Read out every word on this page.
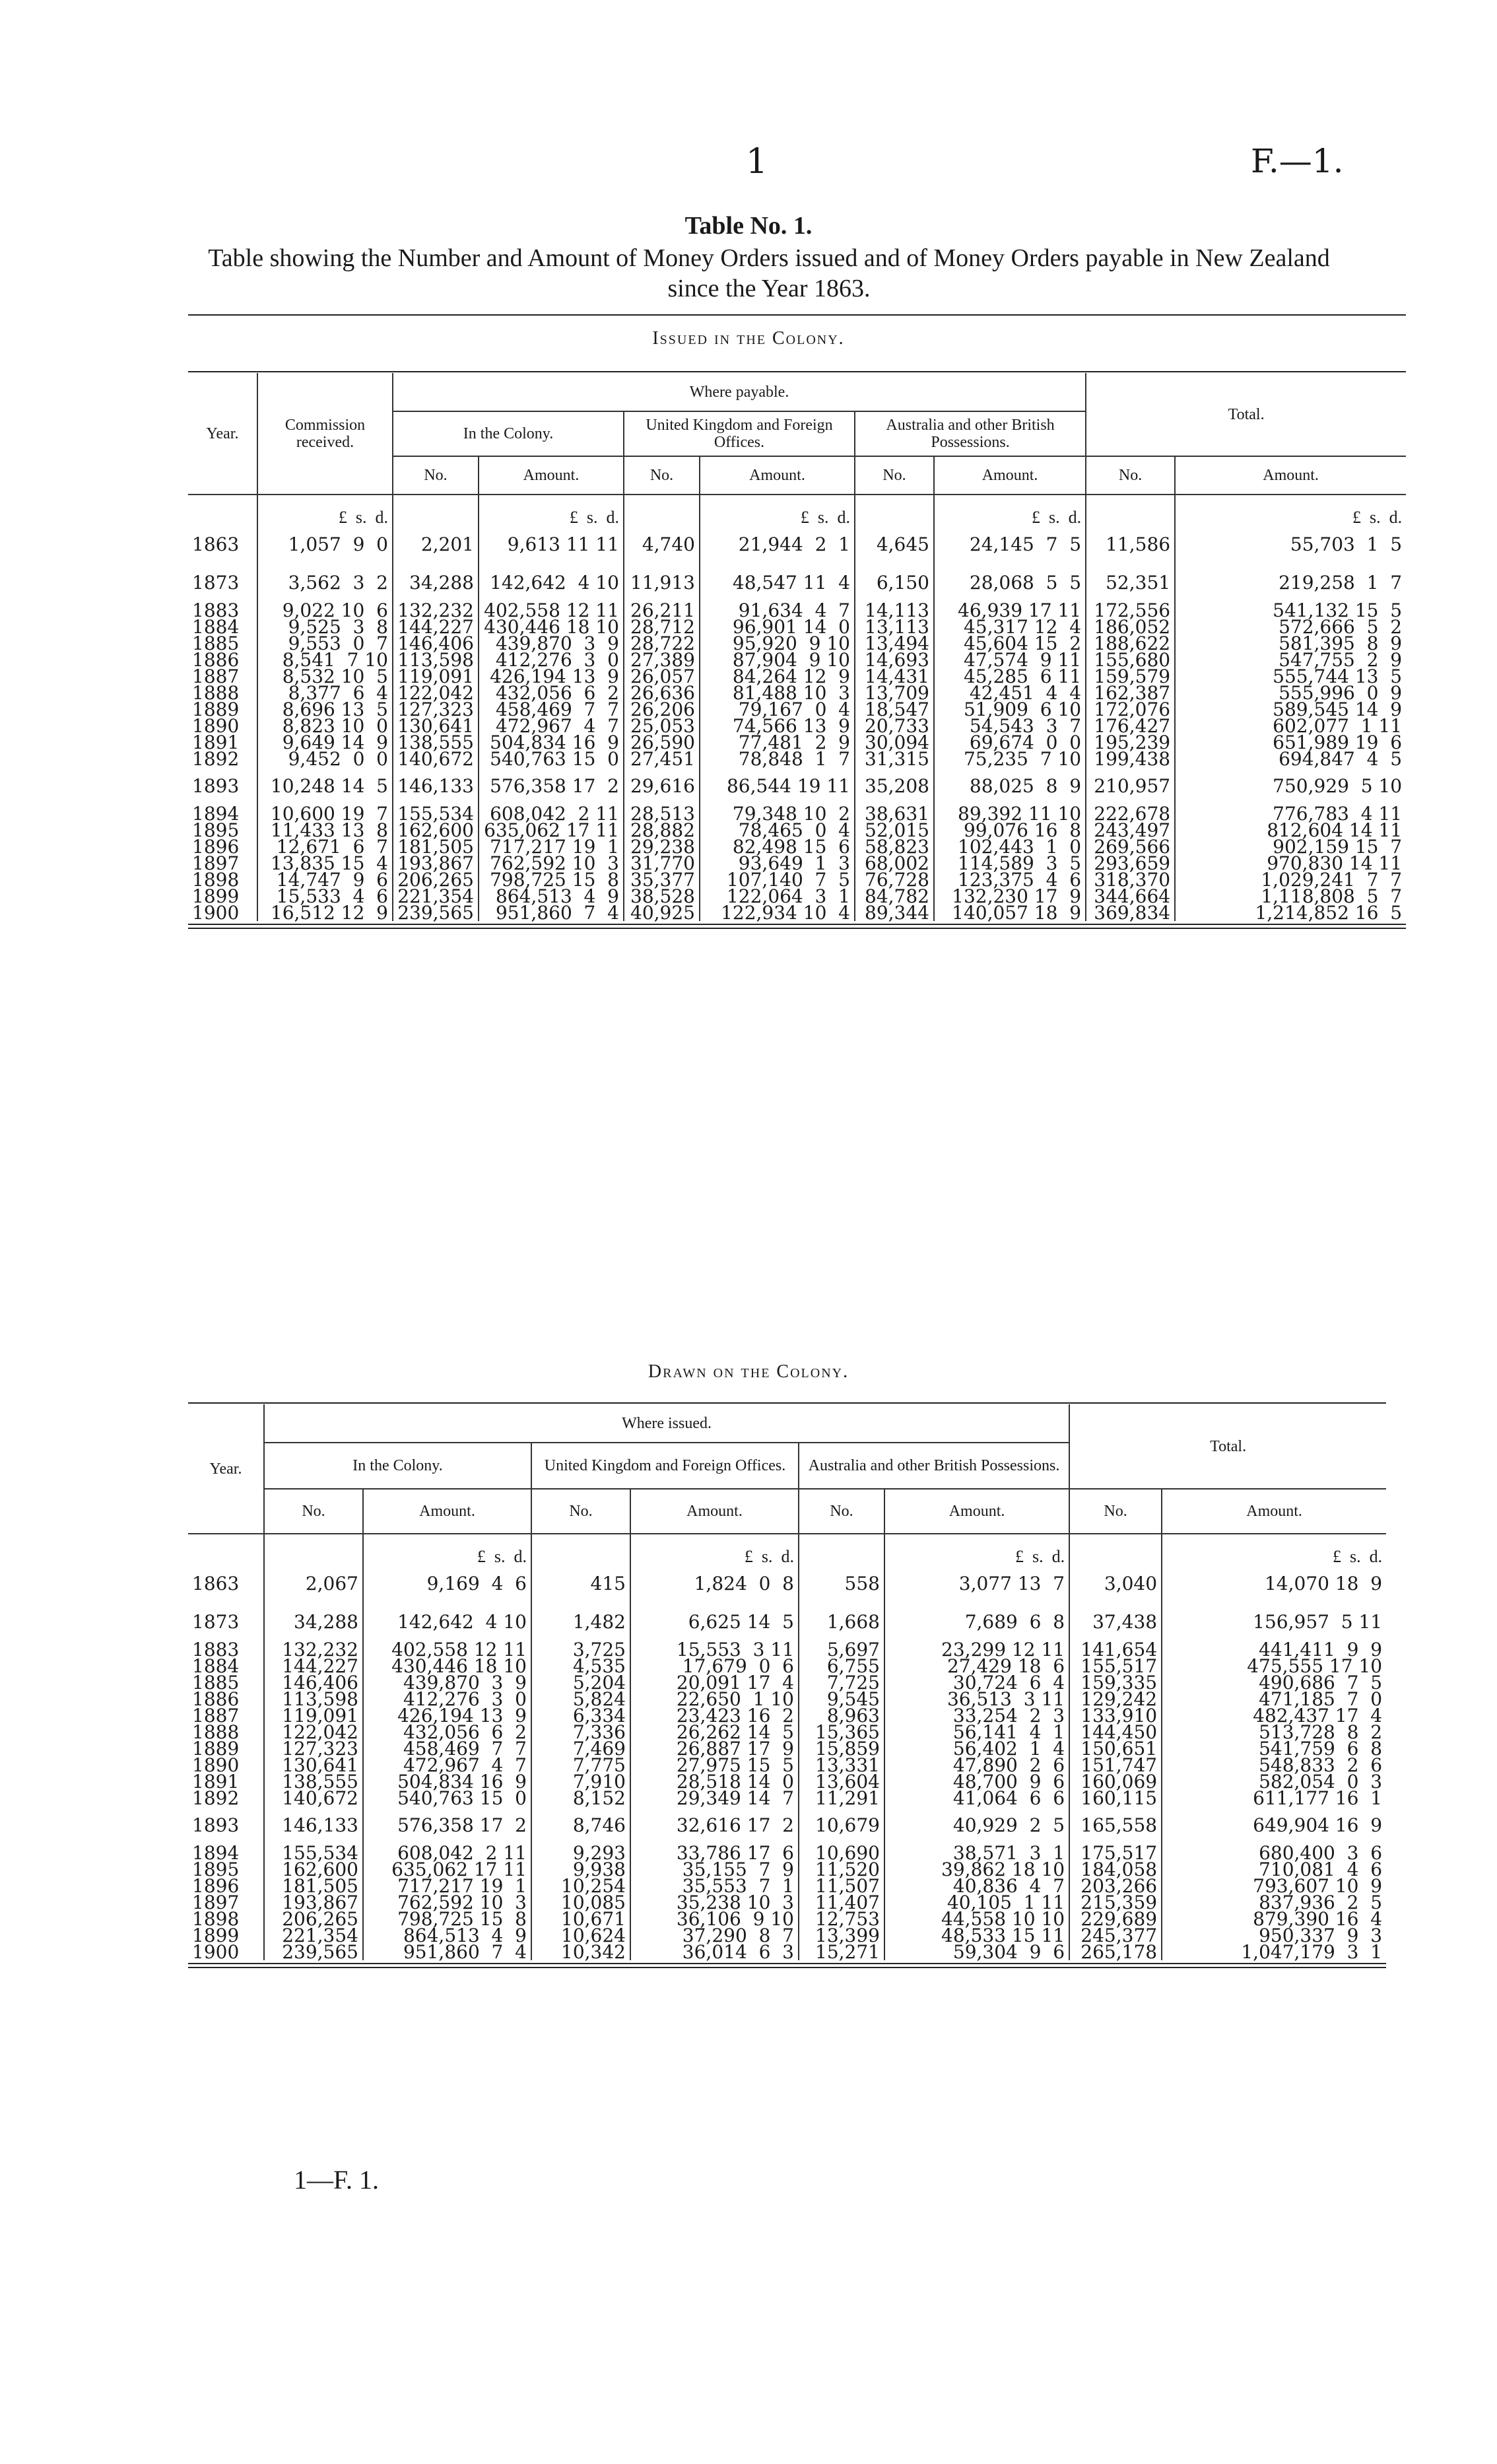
1	F.—1.
Table No. 1.
Table showing the Number and Amount of Money Orders issued and of Money Orders payable in New Zealand since the Year 1863.
Issued in the Colony.
Year.	Commission received.	Where payable.						Total.	
		In the Colony.		United Kingdom and Foreign Offices.		Australia and other British Possessions.			
		No.	Amount.	No.	Amount.	No.	Amount.	No.	Amount.
	£ s. d.		£ s. d.		£ s. d.		£ s. d.		£ s. d.
1863	1,057  9  0	2,201	9,613 11 11	4,740	21,944  2  1	4,645	24,145  7  5	11,586	55,703  1  5
1873	3,562  3  2	34,288	142,642  4 10	11,913	48,547 11  4	6,150	28,068  5  5	52,351	219,258  1  7
1883	9,022 10  6	132,232	402,558 12 11	26,211	91,634  4  7	14,113	46,939 17 11	172,556	541,132 15  5
1884	9,525  3  8	144,227	430,446 18 10	28,712	96,901 14  0	13,113	45,317 12  4	186,052	572,666  5  2
1885	9,553  0  7	146,406	439,870  3  9	28,722	95,920  9 10	13,494	45,604 15  2	188,622	581,395  8  9
1886	8,541  7 10	113,598	412,276  3  0	27,389	87,904  9 10	14,693	47,574  9 11	155,680	547,755  2  9
1887	8,532 10  5	119,091	426,194 13  9	26,057	84,264 12  9	14,431	45,285  6 11	159,579	555,744 13  5
1888	8,377  6  4	122,042	432,056  6  2	26,636	81,488 10  3	13,709	42,451  4  4	162,387	555,996  0  9
1889	8,696 13  5	127,323	458,469  7  7	26,206	79,167  0  4	18,547	51,909  6 10	172,076	589,545 14  9
1890	8,823 10  0	130,641	472,967  4  7	25,053	74,566 13  9	20,733	54,543  3  7	176,427	602,077  1 11
1891	9,649 14  9	138,555	504,834 16  9	26,590	77,481  2  9	30,094	69,674  0  0	195,239	651,989 19  6
1892	9,452  0  0	140,672	540,763 15  0	27,451	78,848  1  7	31,315	75,235  7 10	199,438	694,847  4  5
1893	10,248 14  5	146,133	576,358 17  2	29,616	86,544 19 11	35,208	88,025  8  9	210,957	750,929  5 10
1894	10,600 19  7	155,534	608,042  2 11	28,513	79,348 10  2	38,631	89,392 11 10	222,678	776,783  4 11
1895	11,433 13  8	162,600	635,062 17 11	28,882	78,465  0  4	52,015	99,076 16  8	243,497	812,604 14 11
1896	12,671  6  7	181,505	717,217 19  1	29,238	82,498 15  6	58,823	102,443  1  0	269,566	902,159 15  7
1897	13,835 15  4	193,867	762,592 10  3	31,770	93,649  1  3	68,002	114,589  3  5	293,659	970,830 14 11
1898	14,747  9  6	206,265	798,725 15  8	35,377	107,140  7  5	76,728	123,375  4  6	318,370	1,029,241  7  7
1899	15,533  4  6	221,354	864,513  4  9	38,528	122,064  3  1	84,782	132,230 17  9	344,664	1,118,808  5  7
1900	16,512 12  9	239,565	951,860  7  4	40,925	122,934 10  4	89,344	140,057 18  9	369,834	1,214,852 16  5
Drawn on the Colony.
Year.	Where issued.						Total.	
	In the Colony.		United Kingdom and Foreign Offices.		Australia and other British Possessions.			
	No.	Amount.	No.	Amount.	No.	Amount.	No.	Amount.
		£ s. d.		£ s. d.		£ s. d.		£ s. d.
1863	2,067	9,169  4  6	415	1,824  0  8	558	3,077 13  7	3,040	14,070 18  9
1873	34,288	142,642  4 10	1,482	6,625 14  5	1,668	7,689  6  8	37,438	156,957  5 11
1883	132,232	402,558 12 11	3,725	15,553  3 11	5,697	23,299 12 11	141,654	441,411  9  9
1884	144,227	430,446 18 10	4,535	17,679  0  6	6,755	27,429 18  6	155,517	475,555 17 10
1885	146,406	439,870  3  9	5,204	20,091 17  4	7,725	30,724  6  4	159,335	490,686  7  5
1886	113,598	412,276  3  0	5,824	22,650  1 10	9,545	36,513  3 11	129,242	471,185  7  0
1887	119,091	426,194 13  9	6,334	23,423 16  2	8,963	33,254  2  3	133,910	482,437 17  4
1888	122,042	432,056  6  2	7,336	26,262 14  5	15,365	56,141  4  1	144,450	513,728  8  2
1889	127,323	458,469  7  7	7,469	26,887 17  9	15,859	56,402  1  4	150,651	541,759  6  8
1890	130,641	472,967  4  7	7,775	27,975 15  5	13,331	47,890  2  6	151,747	548,833  2  6
1891	138,555	504,834 16  9	7,910	28,518 14  0	13,604	48,700  9  6	160,069	582,054  0  3
1892	140,672	540,763 15  0	8,152	29,349 14  7	11,291	41,064  6  6	160,115	611,177 16  1
1893	146,133	576,358 17  2	8,746	32,616 17  2	10,679	40,929  2  5	165,558	649,904 16  9
1894	155,534	608,042  2 11	9,293	33,786 17  6	10,690	38,571  3  1	175,517	680,400  3  6
1895	162,600	635,062 17 11	9,938	35,155  7  9	11,520	39,862 18 10	184,058	710,081  4  6
1896	181,505	717,217 19  1	10,254	35,553  7  1	11,507	40,836  4  7	203,266	793,607 10  9
1897	193,867	762,592 10  3	10,085	35,238 10  3	11,407	40,105  1 11	215,359	837,936  2  5
1898	206,265	798,725 15  8	10,671	36,106  9 10	12,753	44,558 10 10	229,689	879,390 16  4
1899	221,354	864,513  4  9	10,624	37,290  8  7	13,399	48,533 15 11	245,377	950,337  9  3
1900	239,565	951,860  7  4	10,342	36,014  6  3	15,271	59,304  9  6	265,178	1,047,179  3  1
1—F. 1.
